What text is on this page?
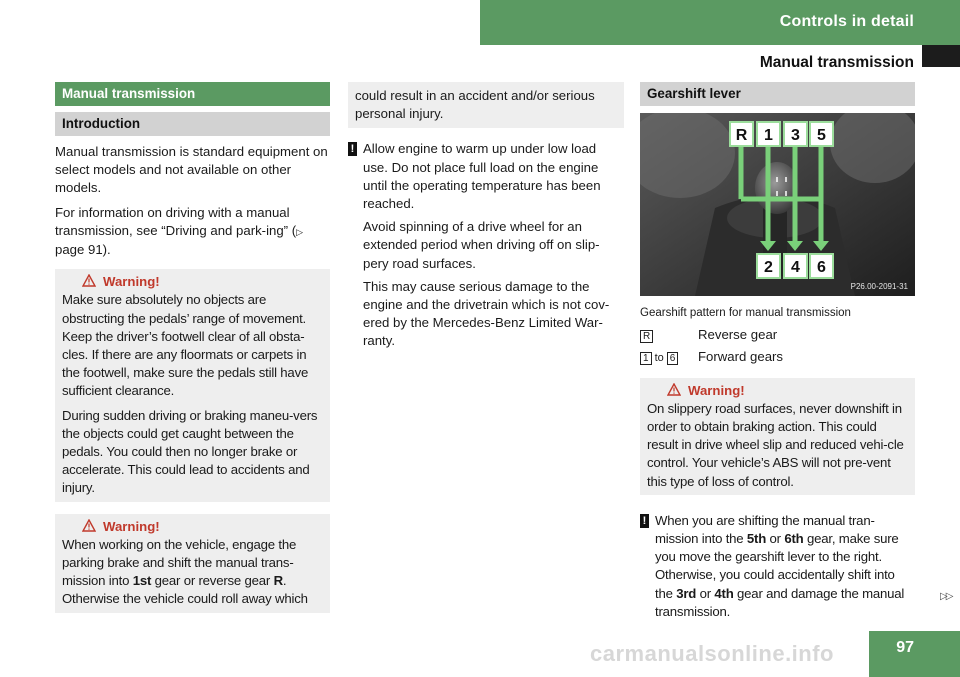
Controls in detail
Manual transmission
Manual transmission
Introduction

Manual transmission is standard equipment on select models and not available on other models.

For information on driving with a manual transmission, see “Driving and park-ing” (▷ page 91).

Warning!

Make sure absolutely no objects are obstructing the pedals’ range of movement. Keep the driver’s footwell clear of all obsta-cles. If there are any floormats or carpets in the footwell, make sure the pedals still have sufficient clearance.

During sudden driving or braking maneu-vers the objects could get caught between the pedals. You could then no longer brake or accelerate. This could lead to accidents and injury.

Warning!

When working on the vehicle, engage the parking brake and shift the manual trans-mission into 1st gear or reverse gear R. Otherwise the vehicle could roll away which

could result in an accident and/or serious personal injury.

! Allow engine to warm up under low load use. Do not place full load on the engine until the operating temperature has been reached.

Avoid spinning of a drive wheel for an extended period when driving off on slip-pery road surfaces.

This may cause serious damage to the engine and the drivetrain which is not cov-ered by the Mercedes-Benz Limited War-ranty.

Gearshift lever
R 1 3 5
2 4 6
P26.00-2091-31

Gearshift pattern for manual transmission

R	Reverse gear
1 to 6	Forward gears
Warning!

On slippery road surfaces, never downshift in order to obtain braking action. This could result in drive wheel slip and reduced vehi-cle control. Your vehicle’s ABS will not pre-vent this type of loss of control.

! When you are shifting the manual tran-mission into the 5th or 6th gear, make sure you move the gearshift lever to the right. Otherwise, you could accidentally shift into the 3rd or 4th gear and damage the manual transmission.

▷▷
carmanualsonline.info	97
